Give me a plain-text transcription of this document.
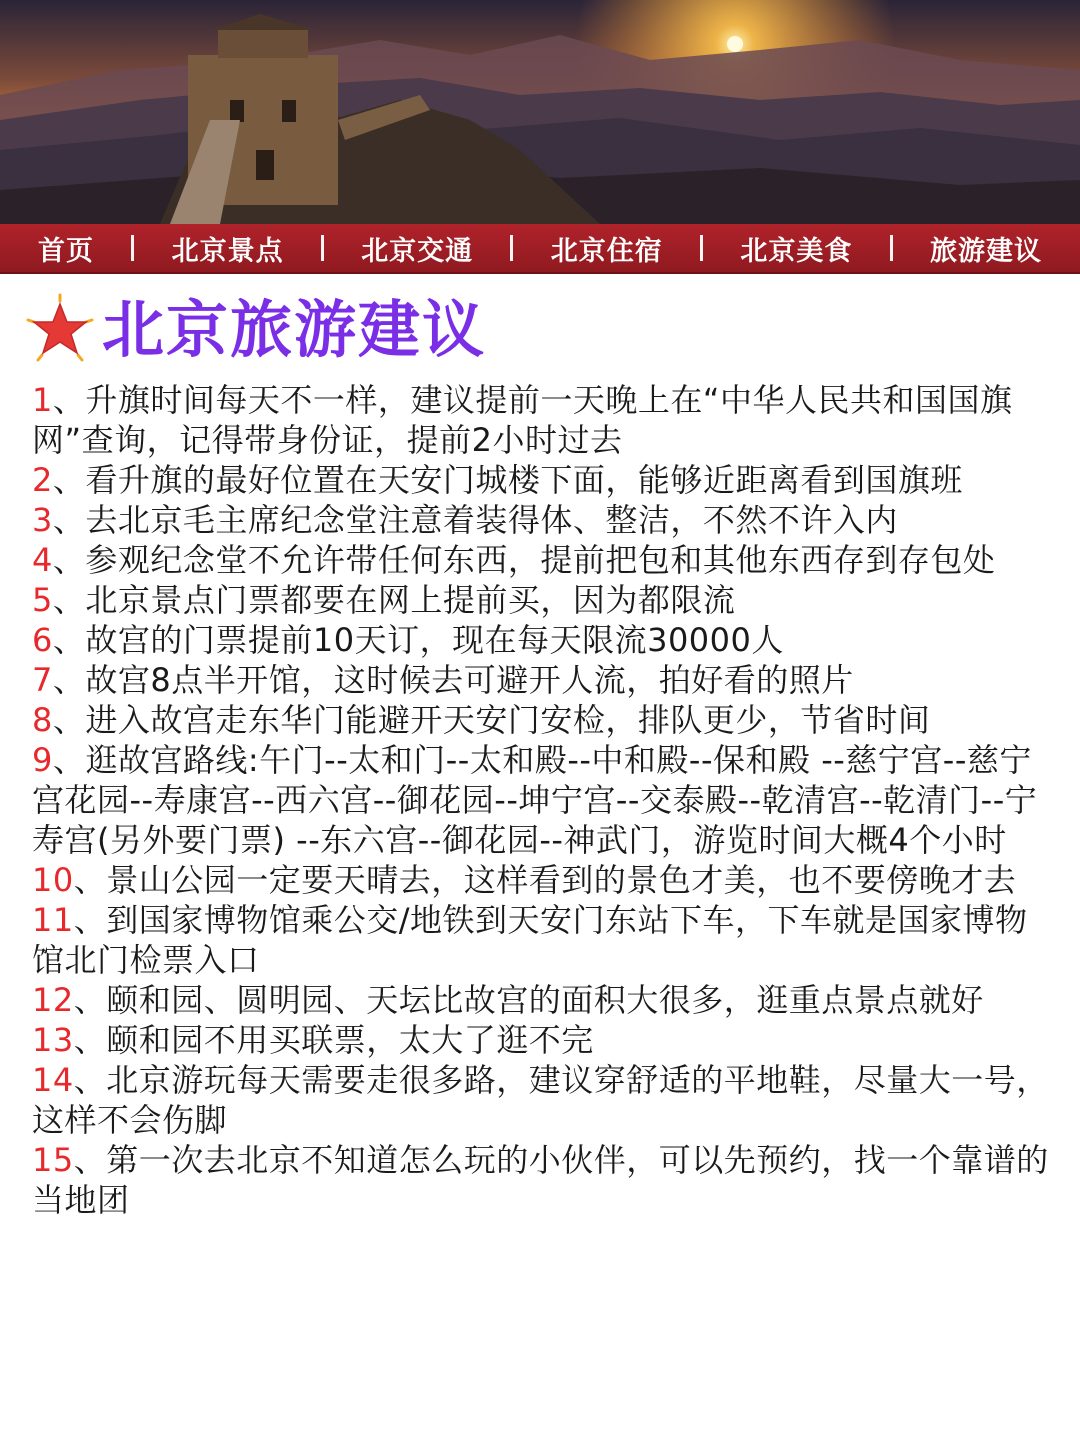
首页	北京景点	北京交通	北京住宿	北京美食	旅游建议
北京旅游建议
1、升旗时间每天不一样，建议提前一天晚上在“中华人民共和国国旗网”查询，记得带身份证，提前2小时过去
2、看升旗的最好位置在天安门城楼下面，能够近距离看到国旗班
3、去北京毛主席纪念堂注意着装得体、整洁，不然不许入内
4、参观纪念堂不允许带任何东西，提前把包和其他东西存到存包处
5、北京景点门票都要在网上提前买，因为都限流
6、故宫的门票提前10天订，现在每天限流30000人
7、故宫8点半开馆，这时候去可避开人流，拍好看的照片
8、进入故宫走东华门能避开天安门安检，排队更少，节省时间
9、逛故宫路线:午门--太和门--太和殿--中和殿--保和殿 --慈宁宫--慈宁宫花园--寿康宫--西六宫--御花园--坤宁宫--交泰殿--乾清宫--乾清门--宁寿宫(另外要门票) --东六宫--御花园--神武门，游览时间大概4个小时
10、景山公园一定要天晴去，这样看到的景色才美，也不要傍晚才去
11、到国家博物馆乘公交/地铁到天安门东站下车，下车就是国家博物馆北门检票入口
12、颐和园、圆明园、天坛比故宫的面积大很多，逛重点景点就好
13、颐和园不用买联票，太大了逛不完
14、北京游玩每天需要走很多路，建议穿舒适的平地鞋，尽量大一号，这样不会伤脚
15、第一次去北京不知道怎么玩的小伙伴，可以先预约，找一个靠谱的当地团
